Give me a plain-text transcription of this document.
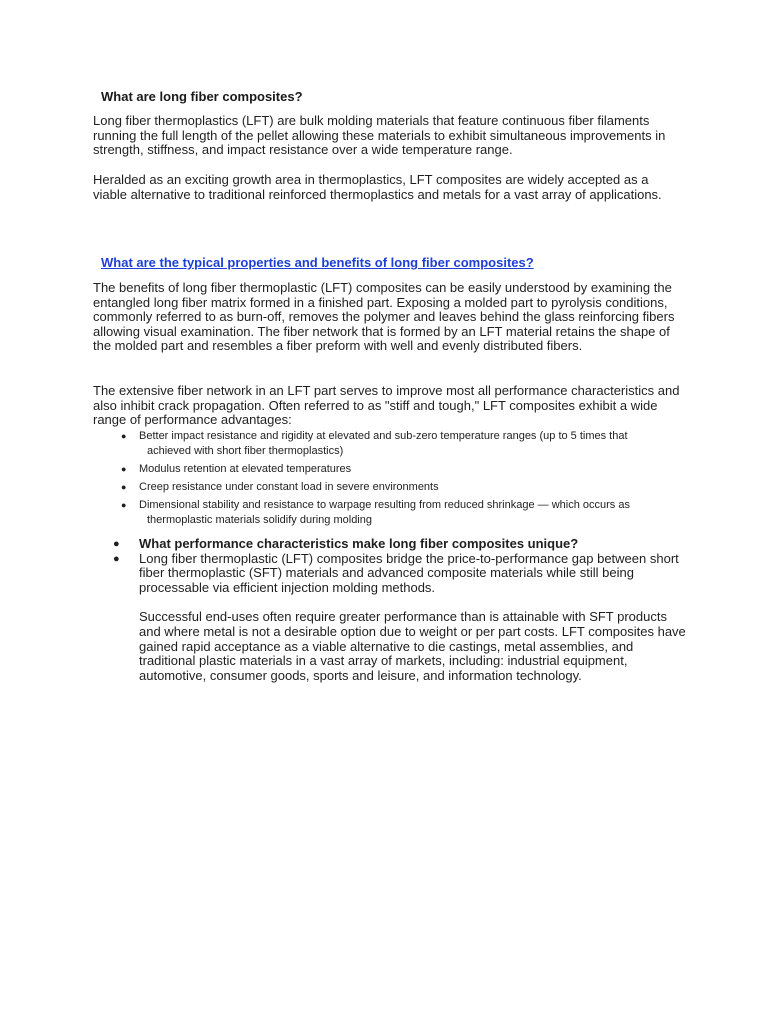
What are long fiber composites?

Long fiber thermoplastics (LFT) are bulk molding materials that feature continuous fiber filaments running the full length of the pellet allowing these materials to exhibit simultaneous improvements in strength, stiffness, and impact resistance over a wide temperature range.

Heralded as an exciting growth area in thermoplastics, LFT composites are widely accepted as a viable alternative to traditional reinforced thermoplastics and metals for a vast array of applications.

What are the typical properties and benefits of long fiber composites?

The benefits of long fiber thermoplastic (LFT) composites can be easily understood by examining the entangled long fiber matrix formed in a finished part. Exposing a molded part to pyrolysis conditions, commonly referred to as burn-off, removes the polymer and leaves behind the glass reinforcing fibers allowing visual examination. The fiber network that is formed by an LFT material retains the shape of the molded part and resembles a fiber preform with well and evenly distributed fibers.

The extensive fiber network in an LFT part serves to improve most all performance characteristics and also inhibit crack propagation. Often referred to as "stiff and tough," LFT composites exhibit a wide range of performance advantages:

●	Better impact resistance and rigidity at elevated and sub-zero temperature ranges (up to 5 times that
achieved with short fiber thermoplastics)
●	Modulus retention at elevated temperatures
●	Creep resistance under constant load in severe environments
●	Dimensional stability and resistance to warpage resulting from reduced shrinkage — which occurs as
thermoplastic materials solidify during molding
● What performance characteristics make long fiber composites unique?
● Long fiber thermoplastic (LFT) composites bridge the price-to-performance gap between short fiber thermoplastic (SFT) materials and advanced composite materials while still being processable via efficient injection molding methods.
Successful end-uses often require greater performance than is attainable with SFT products and where metal is not a desirable option due to weight or per part costs. LFT composites have gained rapid acceptance as a viable alternative to die castings, metal assemblies, and traditional plastic materials in a vast array of markets, including: industrial equipment, automotive, consumer goods, sports and leisure, and information technology.
